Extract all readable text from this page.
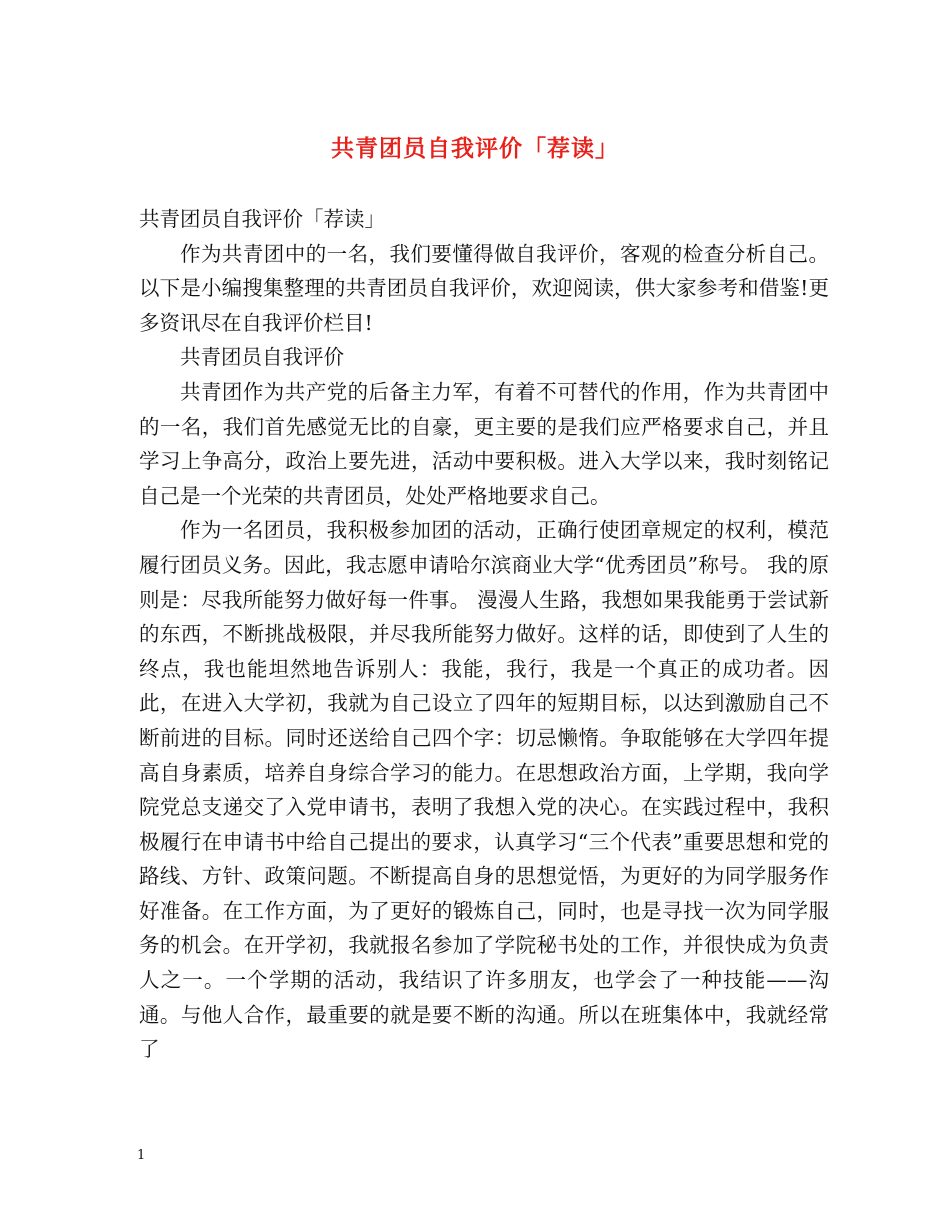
共青团员自我评价「荐读」

共青团员自我评价「荐读」

作为共青团中的一名，我们要懂得做自我评价，客观的检查分析自己。以下是小编搜集整理的共青团员自我评价，欢迎阅读，供大家参考和借鉴!更多资讯尽在自我评价栏目!

共青团员自我评价

共青团作为共产党的后备主力军，有着不可替代的作用，作为共青团中的一名，我们首先感觉无比的自豪，更主要的是我们应严格要求自己，并且学习上争高分，政治上要先进，活动中要积极。进入大学以来，我时刻铭记自己是一个光荣的共青团员，处处严格地要求自己。

作为一名团员，我积极参加团的活动，正确行使团章规定的权利，模范履行团员义务。因此，我志愿申请哈尔滨商业大学“优秀团员”称号。 我的原则是：尽我所能努力做好每一件事。 漫漫人生路，我想如果我能勇于尝试新的东西，不断挑战极限，并尽我所能努力做好。这样的话，即使到了人生的终点，我也能坦然地告诉别人：我能，我行，我是一个真正的成功者。因此，在进入大学初，我就为自己设立了四年的短期目标，以达到激励自己不断前进的目标。同时还送给自己四个字：切忌懒惰。争取能够在大学四年提高自身素质，培养自身综合学习的能力。在思想政治方面，上学期，我向学院党总支递交了入党申请书，表明了我想入党的决心。在实践过程中，我积极履行在申请书中给自己提出的要求，认真学习“三个代表”重要思想和党的路线、方针、政策问题。不断提高自身的思想觉悟，为更好的为同学服务作好准备。在工作方面，为了更好的锻炼自己，同时，也是寻找一次为同学服务的机会。在开学初，我就报名参加了学院秘书处的工作，并很快成为负责人之一。一个学期的活动，我结识了许多朋友，也学会了一种技能——沟通。与他人合作，最重要的就是要不断的沟通。所以在班集体中，我就经常了

1
